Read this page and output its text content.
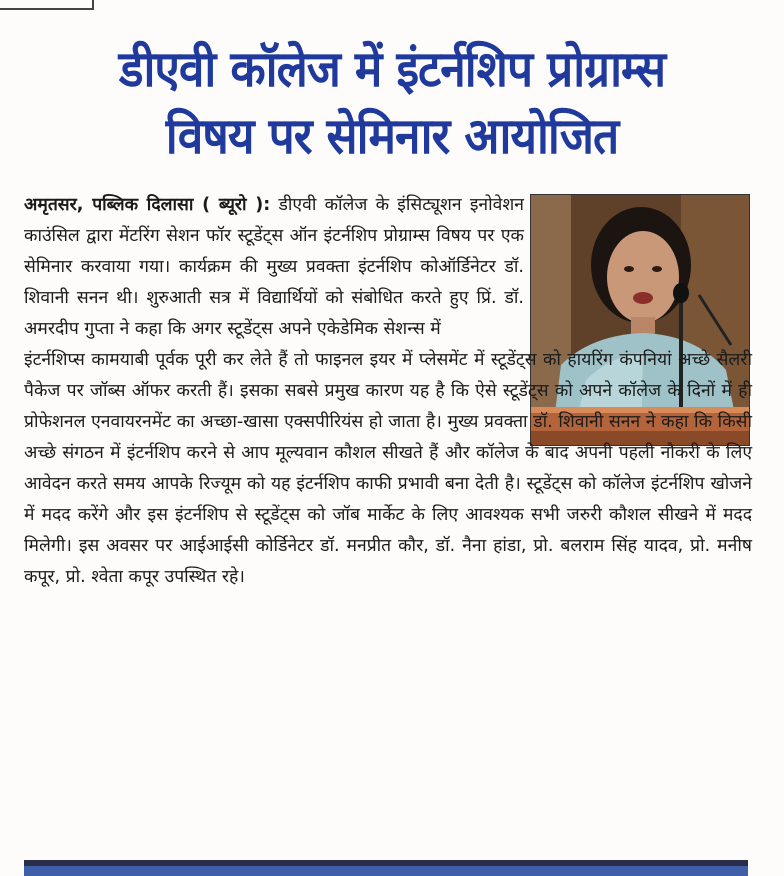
डीएवी कॉलेज में इंटर्नशिप प्रोग्राम्स
विषय पर सेमिनार आयोजित

अमृतसर, पब्लिक दिलासा ( ब्यूरो ): डीएवी कॉलेज के इंसिट्यूशन इनोवेशन काउंसिल द्वारा मेंटरिंग सेशन फॉर स्टूडेंट्स ऑन इंटर्नशिप प्रोग्राम्स विषय पर एक सेमिनार करवाया गया। कार्यक्रम की मुख्य प्रवक्ता इंटर्नशिप कोऑर्डिनेटर डॉ. शिवानी सनन थी। शुरुआती सत्र में विद्यार्थियों को संबोधित करते हुए प्रिं. डॉ. अमरदीप गुप्ता ने कहा कि अगर स्टूडेंट्स अपने एकेडेमिक सेशन्स में

इंटर्नशिप्स कामयाबी पूर्वक पूरी कर लेते हैं तो फाइनल इयर में प्लेसमेंट में स्टूडेंट्स को हायरिंग कंपनियां अच्छे सैलरी पैकेज पर जॉब्स ऑफर करती हैं। इसका सबसे प्रमुख कारण यह है कि ऐसे स्टूडेंट्स को अपने कॉलेज के दिनों में ही प्रोफेशनल एनवायरनमेंट का अच्छा-खासा एक्सपीरियंस हो जाता है। मुख्य प्रवक्ता डॉ. शिवानी सनन ने कहा कि किसी अच्छे संगठन में इंटर्नशिप करने से आप मूल्यवान कौशल सीखते हैं और कॉलेज के बाद अपनी पहली नौकरी के लिए आवेदन करते समय आपके रिज्यूम को यह इंटर्नशिप काफी प्रभावी बना देती है। स्टूडेंट्स को कॉलेज इंटर्नशिप खोजने में मदद करेंगे और इस इंटर्नशिप से स्टूडेंट्स को जॉब मार्केट के लिए आवश्यक सभी जरुरी कौशल सीखने में मदद मिलेगी। इस अवसर पर आईआईसी कोर्डिनेटर डॉ. मनप्रीत कौर, डॉ. नैना हांडा, प्रो. बलराम सिंह यादव, प्रो. मनीष कपूर, प्रो. श्वेता कपूर उपस्थित रहे।
